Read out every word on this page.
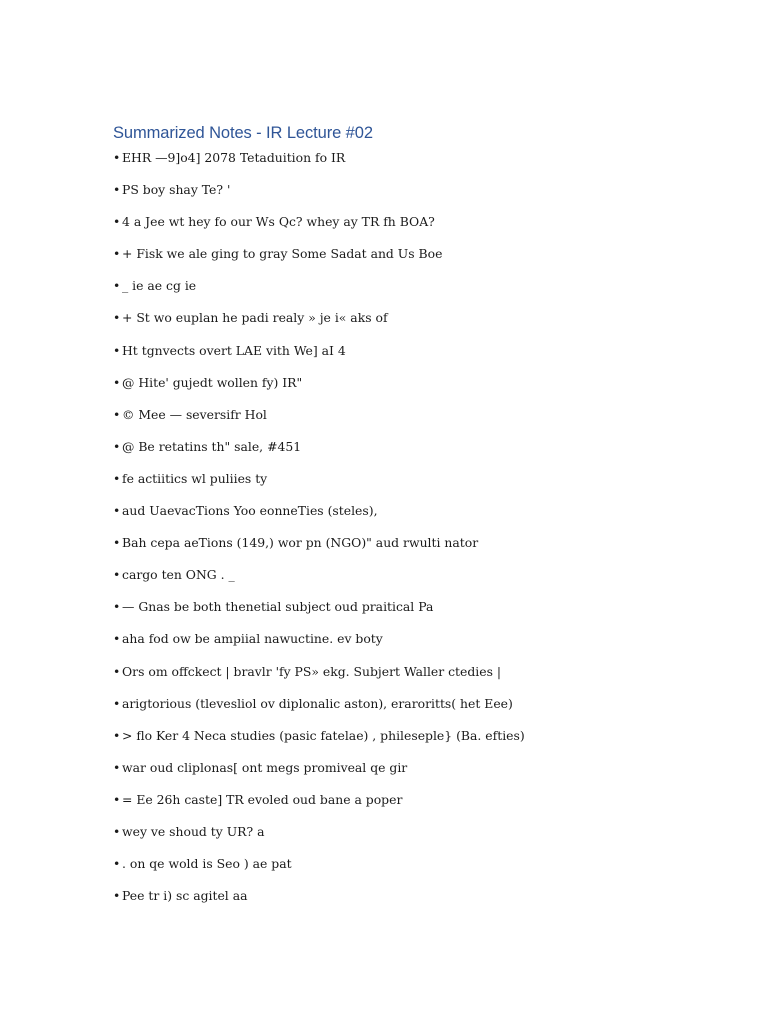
Summarized Notes - IR Lecture #02
• EHR —9]o4] 2078 Tetaduition fo IR
• PS boy shay Te? '
• 4 a Jee wt hey fo our Ws Qc? whey ay TR fh BOA?
• + Fisk we ale ging to gray Some Sadat and Us Boe
• _ ie ae cg ie
• + St wo euplan he padi realy » je i« aks of
• Ht tgnvects overt LAE vith We] aI 4
• @ Hite' gujedt wollen fy) IR"
• © Mee — seversifr Hol
• @ Be retatins th" sale, #451
• fe actiitics wl puliies ty
• aud UaevacTions Yoo eonneTies (steles),
• Bah cepa aeTions (149,) wor pn (NGO)" aud rwulti nator
• cargo ten ONG . _
• — Gnas be both thenetial subject oud praitical Pa
• aha fod ow be ampiial nawuctine. ev boty
• Ors om offckect | bravlr 'fy PS» ekg. Subjert Waller ctedies |
• arigtorious (tlevesliol ov diplonalic aston), eraroritts( het Eee)
• > flo Ker 4 Neca studies (pasic fatelae) , phileseple} (Ba. efties)
• war oud cliplonas[ ont megs promiveal qe gir
• = Ee 26h caste] TR evoled oud bane a poper
• wey ve shoud ty UR? a
• . on qe wold is Seo ) ae pat
• Pee tr i) sc agitel aa
